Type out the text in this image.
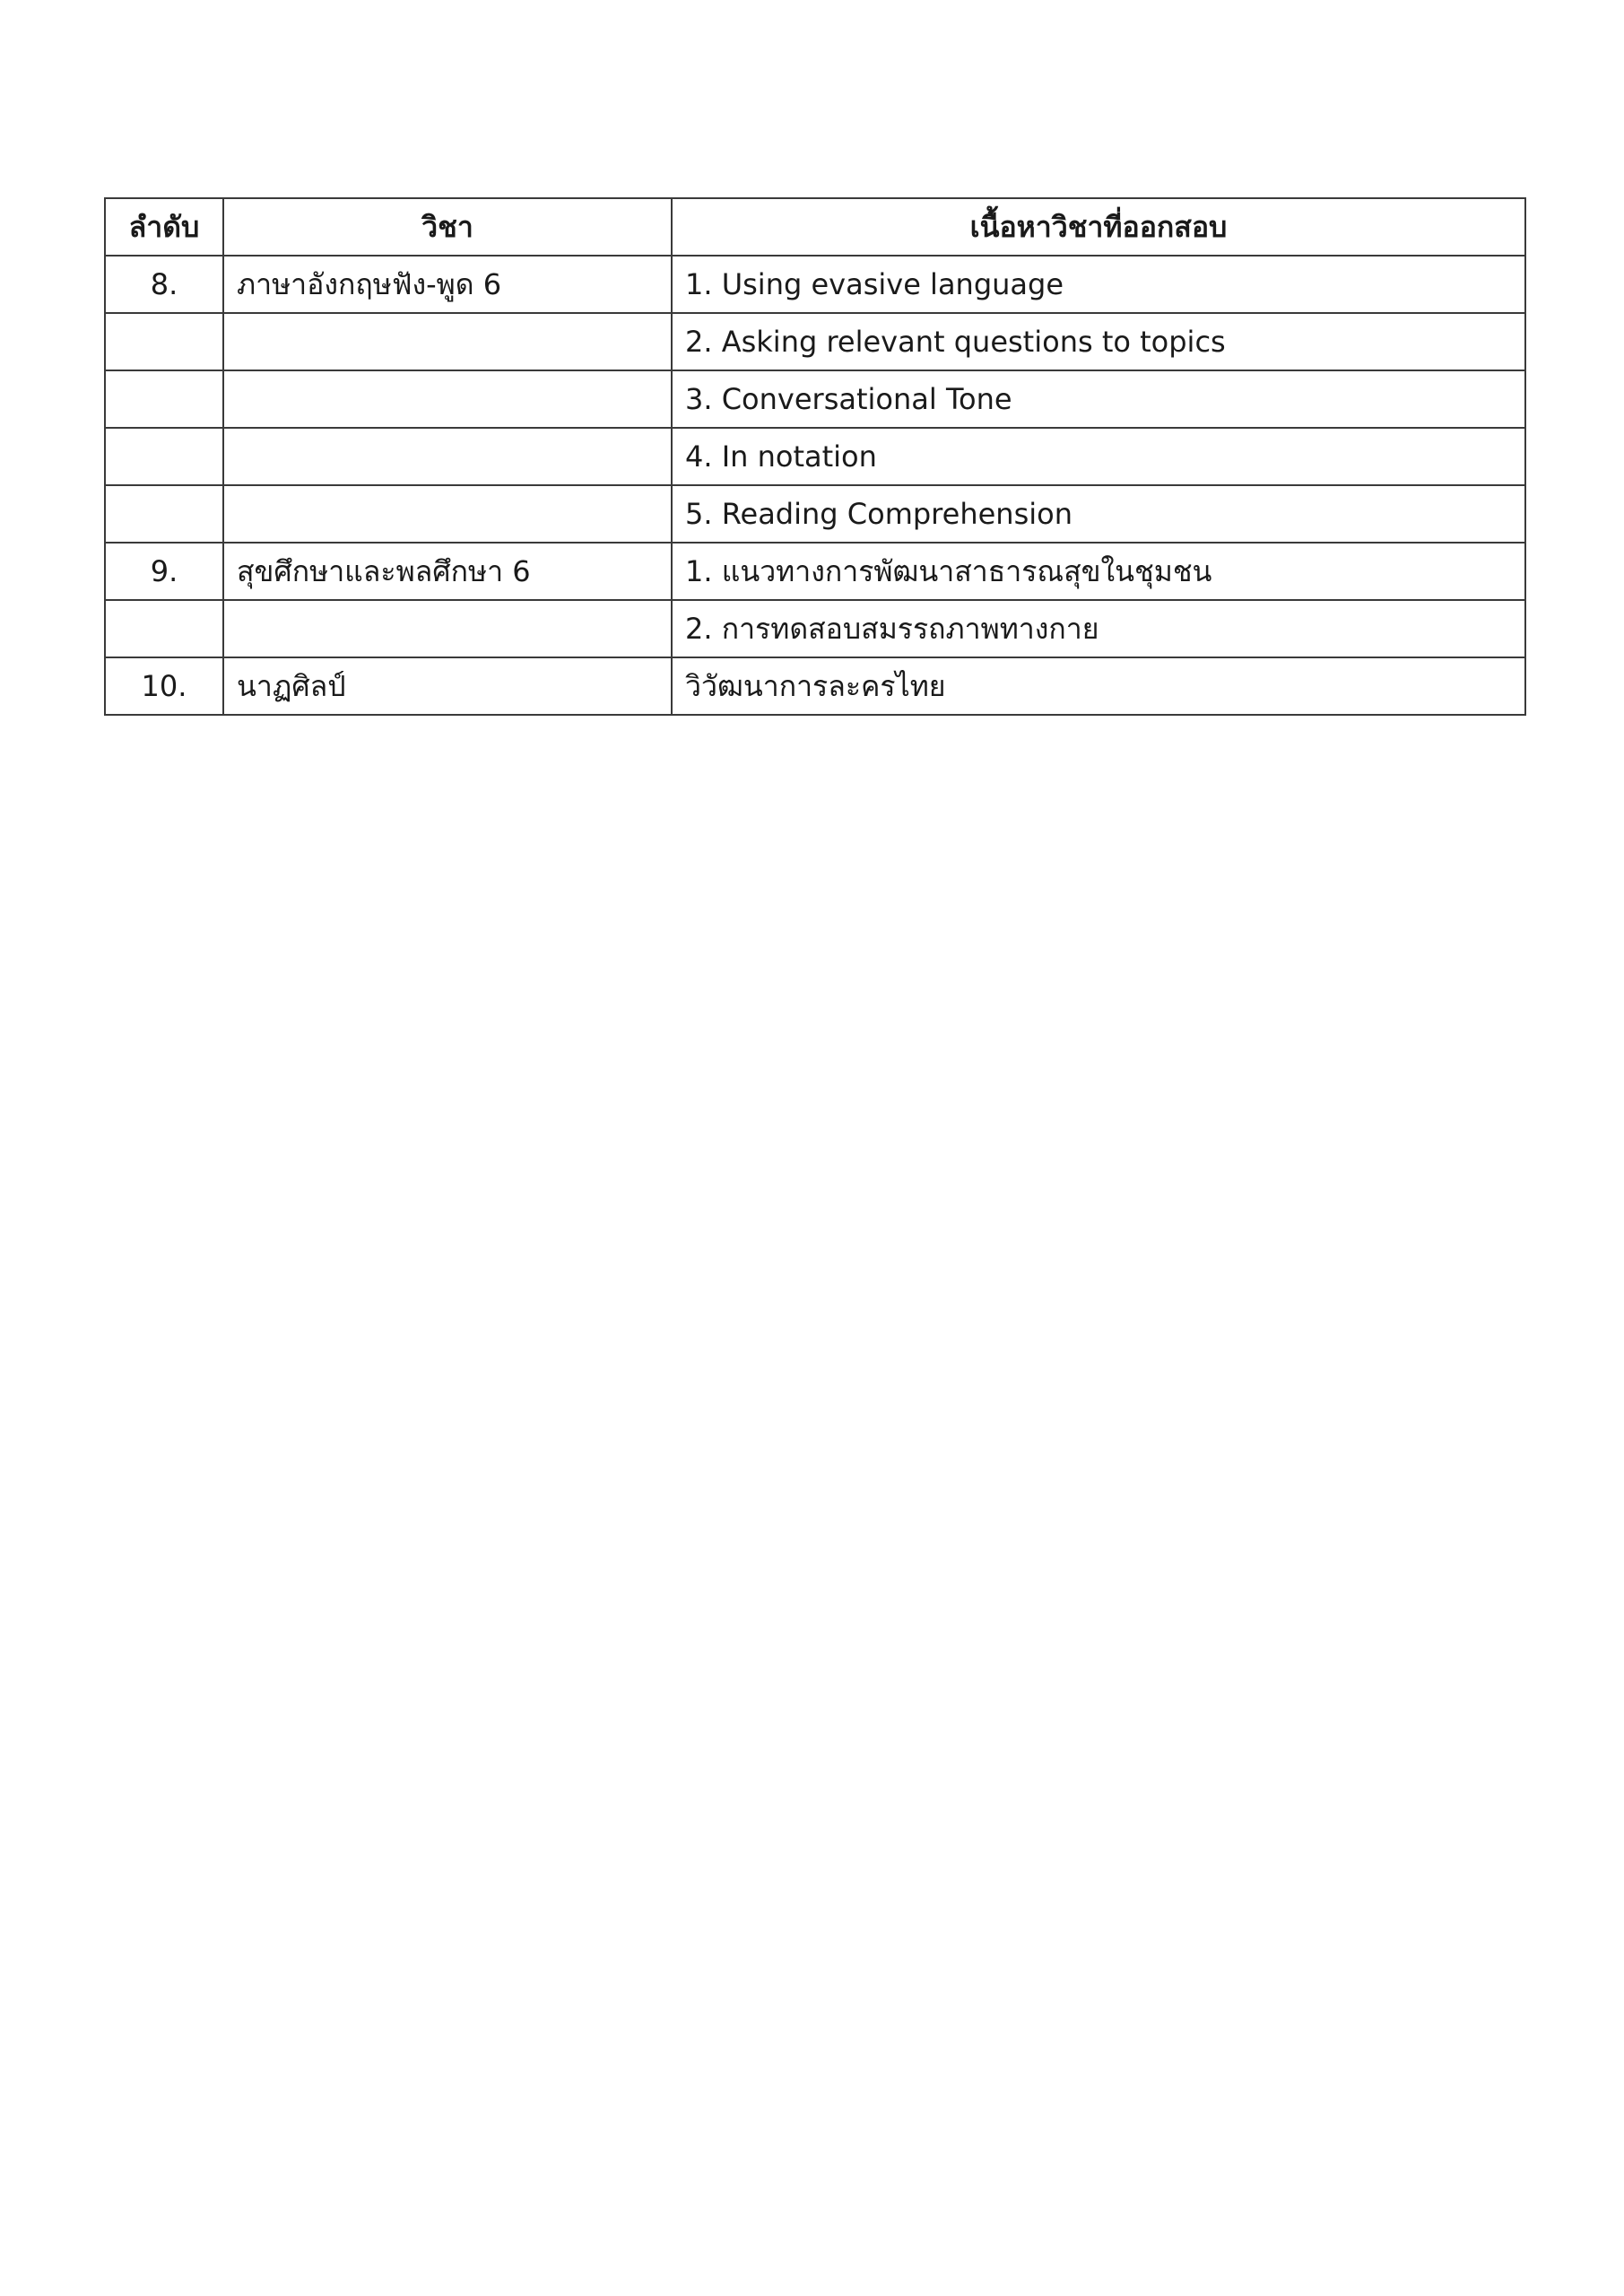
ลำดับ	วิชา	เนื้อหาวิชาที่ออกสอบ
8.	ภาษาอังกฤษฟัง-พูด 6	1. Using evasive language
		2. Asking relevant questions to topics
		3. Conversational Tone
		4. In notation
		5. Reading Comprehension
9.	สุขศึกษาและพลศึกษา 6	1. แนวทางการพัฒนาสาธารณสุขในชุมชน
		2. การทดสอบสมรรถภาพทางกาย
10.	นาฏศิลป์	วิวัฒนาการละครไทย
